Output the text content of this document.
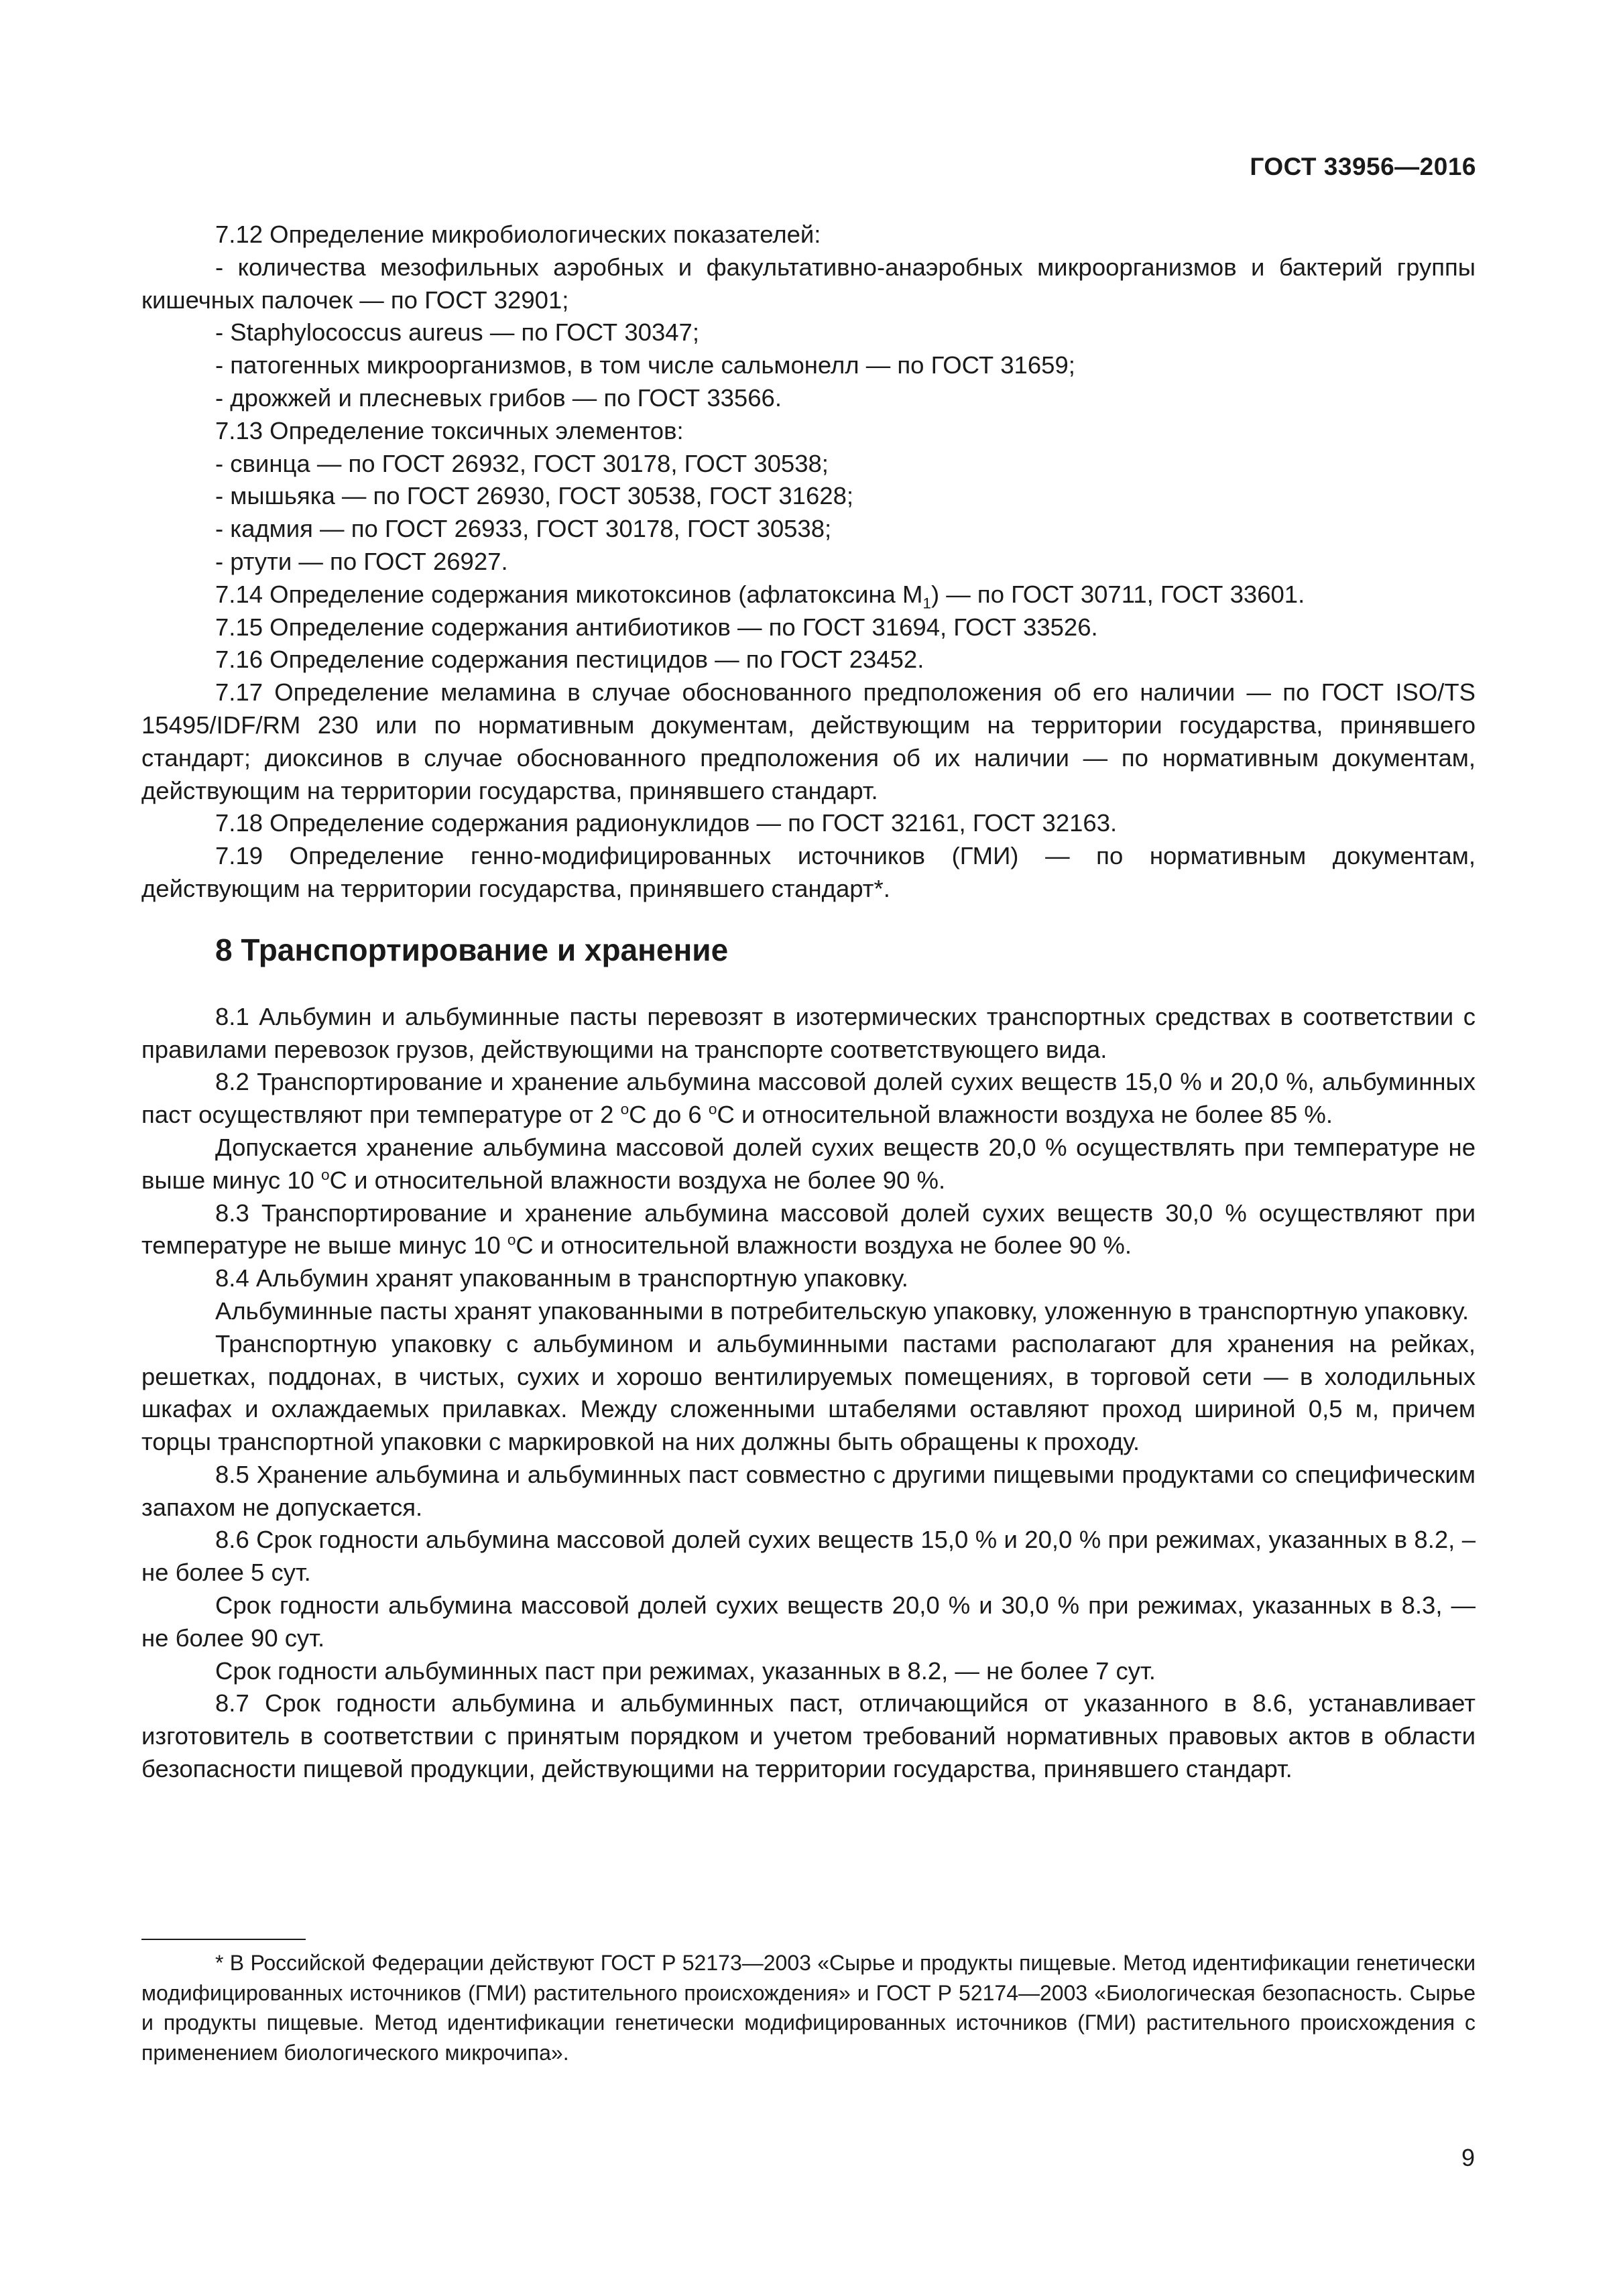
ГОСТ 33956—2016

7.12 Определение микробиологических показателей:

- количества мезофильных аэробных и факультативно-анаэробных микроорганизмов и бактерий группы кишечных палочек — по ГОСТ 32901;

- Staphylococcus aureus — по ГОСТ 30347;

- патогенных микроорганизмов, в том числе сальмонелл — по ГОСТ 31659;

- дрожжей и плесневых грибов — по ГОСТ 33566.

7.13 Определение токсичных элементов:

- свинца — по ГОСТ 26932, ГОСТ 30178, ГОСТ 30538;

- мышьяка — по ГОСТ 26930, ГОСТ 30538, ГОСТ 31628;

- кадмия — по ГОСТ 26933, ГОСТ 30178, ГОСТ 30538;

- ртути — по ГОСТ 26927.

7.14 Определение содержания микотоксинов (афлатоксина $М_1$) — по ГОСТ 30711, ГОСТ 33601.

7.15 Определение содержания антибиотиков — по ГОСТ 31694, ГОСТ 33526.

7.16 Определение содержания пестицидов — по ГОСТ 23452.

7.17 Определение меламина в случае обоснованного предположения об его наличии — по ГОСТ ISO/TS 15495/IDF/RM 230 или по нормативным документам, действующим на территории государства, принявшего стандарт; диоксинов в случае обоснованного предположения об их наличии — по нормативным документам, действующим на территории государства, принявшего стандарт.

7.18 Определение содержания радионуклидов — по ГОСТ 32161, ГОСТ 32163.

7.19 Определение генно-модифицированных источников (ГМИ) — по нормативным документам, действующим на территории государства, принявшего стандарт*.

8 Транспортирование и хранение

8.1 Альбумин и альбуминные пасты перевозят в изотермических транспортных средствах в соответствии с правилами перевозок грузов, действующими на транспорте соответствующего вида.

8.2 Транспортирование и хранение альбумина массовой долей сухих веществ 15,0 % и 20,0 %, альбуминных паст осуществляют при температуре от 2 $^о$С до 6 $^о$С и относительной влажности воздуха не более 85 %.

Допускается хранение альбумина массовой долей сухих веществ 20,0 % осуществлять при температуре не выше минус 10 $^о$С и относительной влажности воздуха не более 90 %.

8.3 Транспортирование и хранение альбумина массовой долей сухих веществ 30,0 % осуществляют при температуре не выше минус 10 $^о$С и относительной влажности воздуха не более 90 %.

8.4 Альбумин хранят упакованным в транспортную упаковку.

Альбуминные пасты хранят упакованными в потребительскую упаковку, уложенную в транспортную упаковку.

Транспортную упаковку с альбумином и альбуминными пастами располагают для хранения на рейках, решетках, поддонах, в чистых, сухих и хорошо вентилируемых помещениях, в торговой сети — в холодильных шкафах и охлаждаемых прилавках. Между сложенными штабелями оставляют проход шириной 0,5 м, причем торцы транспортной упаковки с маркировкой на них должны быть обращены к проходу.

8.5 Хранение альбумина и альбуминных паст совместно с другими пищевыми продуктами со специфическим запахом не допускается.

8.6 Срок годности альбумина массовой долей сухих веществ 15,0 % и 20,0 % при режимах, указанных в 8.2, – не более 5 сут.

Срок годности альбумина массовой долей сухих веществ 20,0 % и 30,0 % при режимах, указанных в 8.3, — не более 90 сут.

Срок годности альбуминных паст при режимах, указанных в 8.2, — не более 7 сут.

8.7 Срок годности альбумина и альбуминных паст, отличающийся от указанного в 8.6, устанавливает изготовитель в соответствии с принятым порядком и учетом требований нормативных правовых актов в области безопасности пищевой продукции, действующими на территории государства, принявшего стандарт.

* В Российской Федерации действуют ГОСТ Р 52173—2003 «Сырье и продукты пищевые. Метод идентификации генетически модифицированных источников (ГМИ) растительного происхождения» и ГОСТ Р 52174—2003 «Биологическая безопасность. Сырье и продукты пищевые. Метод идентификации генетически модифицированных источников (ГМИ) растительного происхождения с применением биологического микрочипа».

9
